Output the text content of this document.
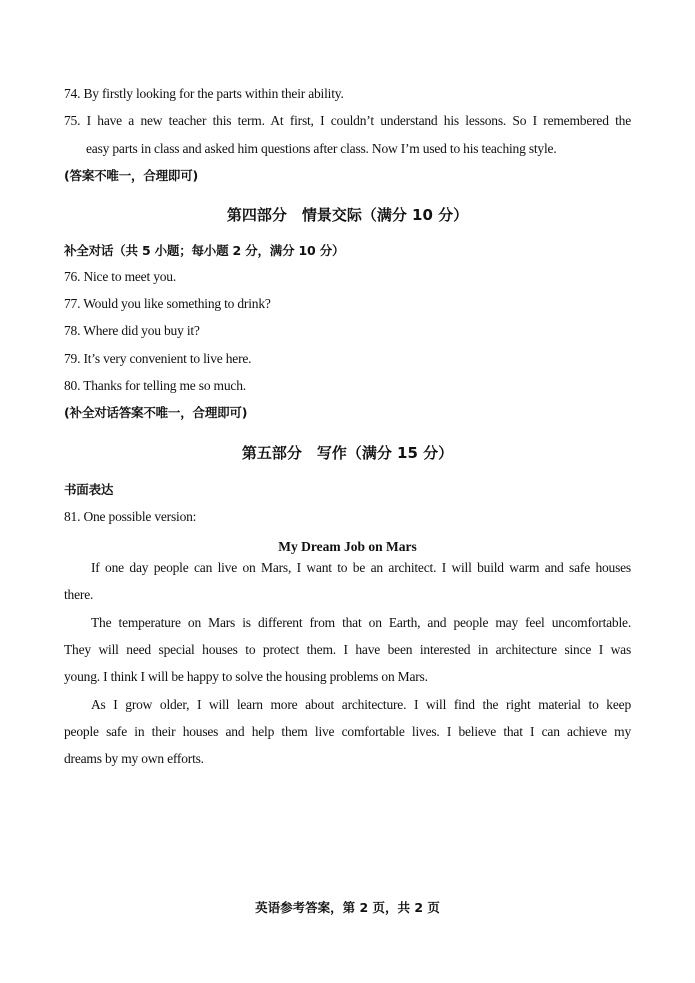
74. By firstly looking for the parts within their ability.
75. I have a new teacher this term. At first, I couldn’t understand his lessons. So I remembered the
easy parts in class and asked him questions after class. Now I’m used to his teaching style.
(答案不唯一，合理即可)
第四部分　情景交际（满分 10 分）
补全对话（共 5 小题；每小题 2 分，满分 10 分）
76. Nice to meet you.
77. Would you like something to drink?
78. Where did you buy it?
79. It’s very convenient to live here.
80. Thanks for telling me so much.
(补全对话答案不唯一，合理即可)
第五部分　写作（满分 15 分）
书面表达
81. One possible version:
My Dream Job on Mars
If one day people can live on Mars, I want to be an architect. I will build warm and safe houses
there.
The temperature on Mars is different from that on Earth, and people may feel uncomfortable.
They will need special houses to protect them. I have been interested in architecture since I was
young. I think I will be happy to solve the housing problems on Mars.
As I grow older, I will learn more about architecture. I will find the right material to keep
people safe in their houses and help them live comfortable lives. I believe that I can achieve my
dreams by my own efforts.
英语参考答案，第 2 页，共 2 页
